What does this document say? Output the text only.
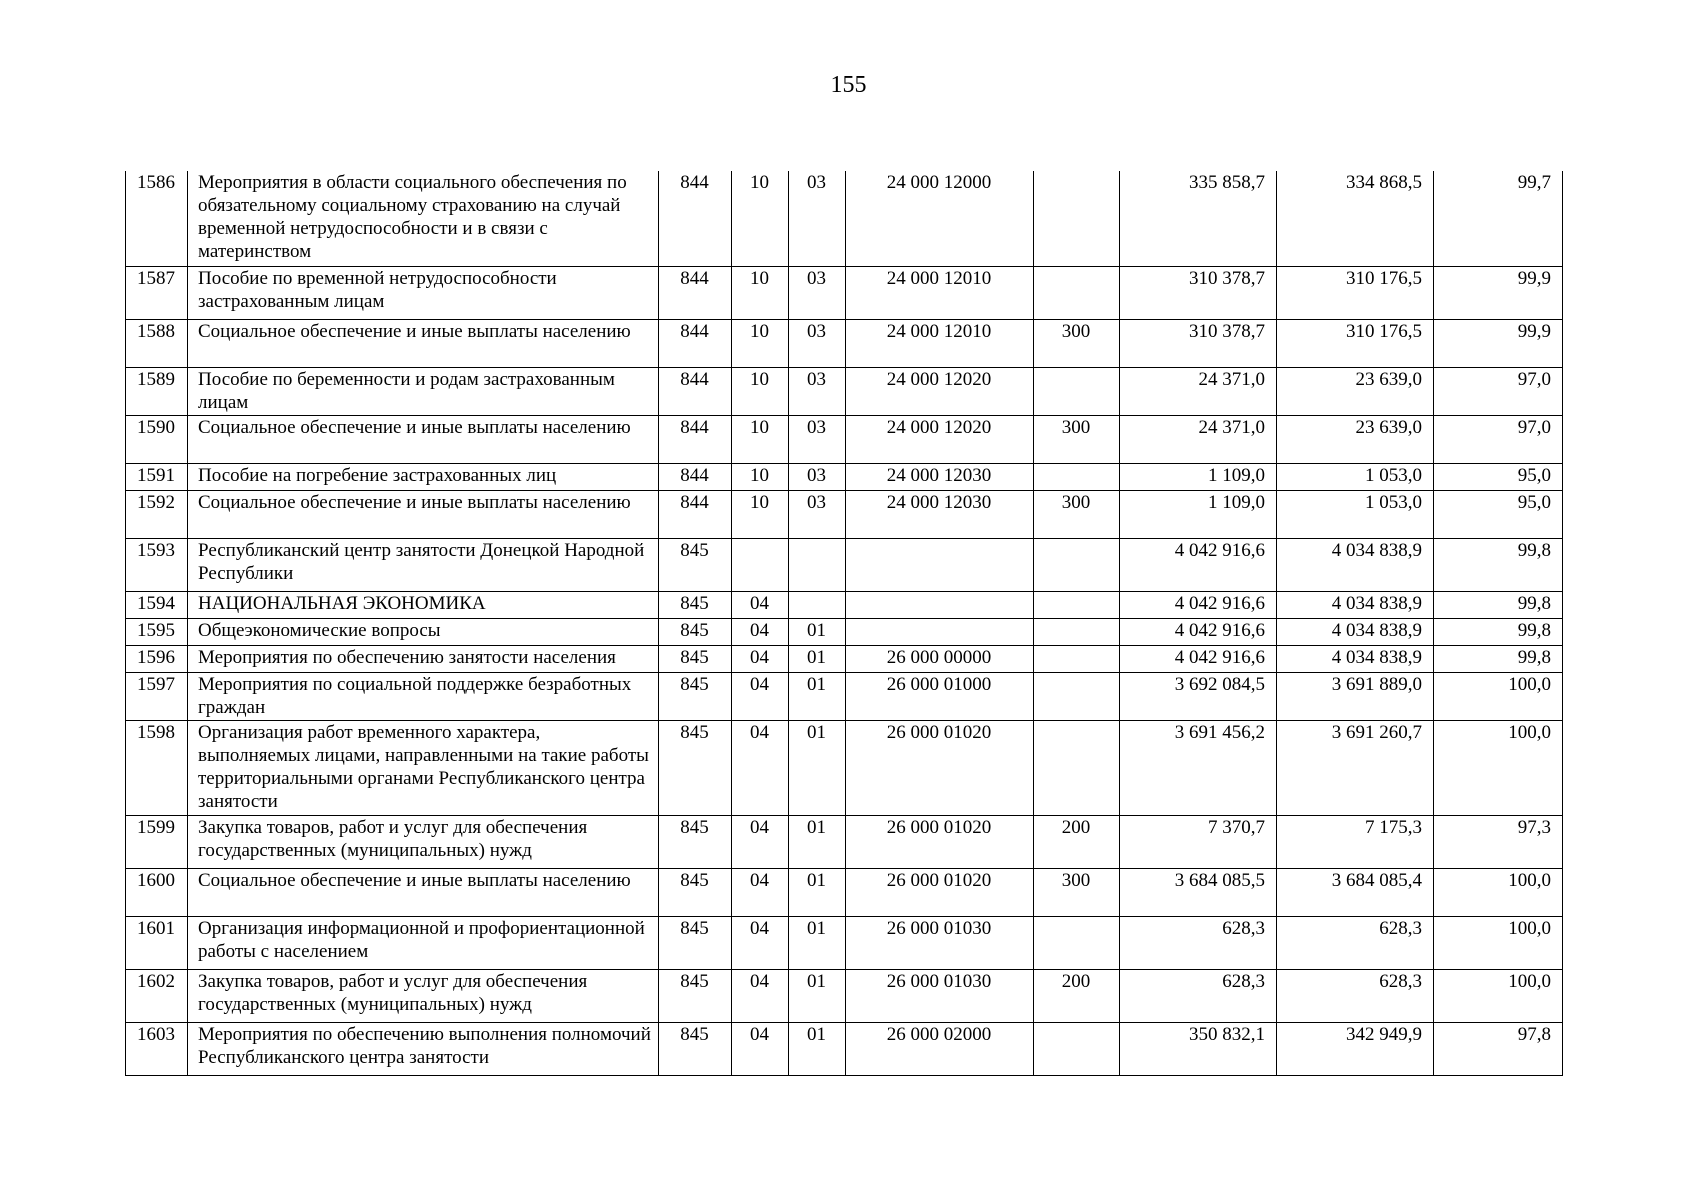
155
1586	Мероприятия в области социального обеспечения по обязательному социальному страхованию на случай временной нетрудоспособности и в связи с материнством	844	10	03	24 000 12000		335 858,7	334 868,5	99,7
1587	Пособие по временной нетрудоспособности застрахованным лицам	844	10	03	24 000 12010		310 378,7	310 176,5	99,9
1588	Социальное обеспечение и иные выплаты населению	844	10	03	24 000 12010	300	310 378,7	310 176,5	99,9
1589	Пособие по беременности и родам застрахованным лицам	844	10	03	24 000 12020		24 371,0	23 639,0	97,0
1590	Социальное обеспечение и иные выплаты населению	844	10	03	24 000 12020	300	24 371,0	23 639,0	97,0
1591	Пособие на погребение застрахованных лиц	844	10	03	24 000 12030		1 109,0	1 053,0	95,0
1592	Социальное обеспечение и иные выплаты населению	844	10	03	24 000 12030	300	1 109,0	1 053,0	95,0
1593	Республиканский центр занятости Донецкой Народной Республики	845					4 042 916,6	4 034 838,9	99,8
1594	НАЦИОНАЛЬНАЯ ЭКОНОМИКА	845	04				4 042 916,6	4 034 838,9	99,8
1595	Общеэкономические вопросы	845	04	01			4 042 916,6	4 034 838,9	99,8
1596	Мероприятия по обеспечению занятости населения	845	04	01	26 000 00000		4 042 916,6	4 034 838,9	99,8
1597	Мероприятия по социальной поддержке безработных граждан	845	04	01	26 000 01000		3 692 084,5	3 691 889,0	100,0
1598	Организация работ временного характера, выполняемых лицами, направленными на такие работы территориальными органами Республиканского центра занятости	845	04	01	26 000 01020		3 691 456,2	3 691 260,7	100,0
1599	Закупка товаров, работ и услуг для обеспечения государственных (муниципальных) нужд	845	04	01	26 000 01020	200	7 370,7	7 175,3	97,3
1600	Социальное обеспечение и иные выплаты населению	845	04	01	26 000 01020	300	3 684 085,5	3 684 085,4	100,0
1601	Организация информационной и профориентационной работы с населением	845	04	01	26 000 01030		628,3	628,3	100,0
1602	Закупка товаров, работ и услуг для обеспечения государственных (муниципальных) нужд	845	04	01	26 000 01030	200	628,3	628,3	100,0
1603	Мероприятия по обеспечению выполнения полномочий Республиканского центра занятости	845	04	01	26 000 02000		350 832,1	342 949,9	97,8
